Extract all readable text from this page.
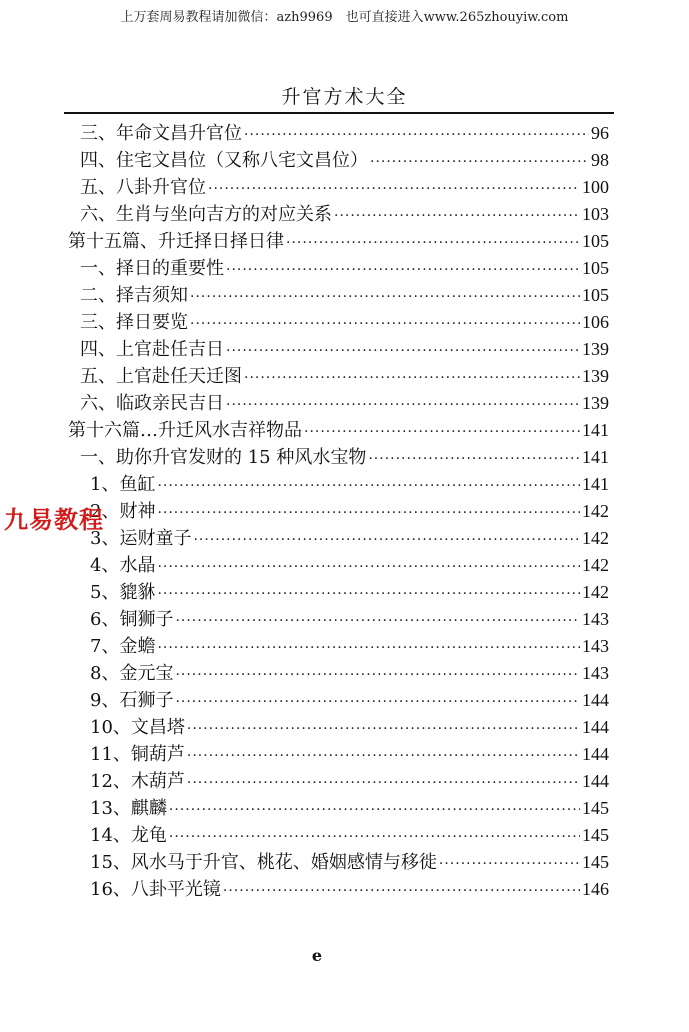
上万套周易教程请加微信：azh9969　也可直接进入www.265zhouyiw.com
升官方术大全
三、年命文昌升官位 ·····	96
四、住宅文昌位（又称八宅文昌位） ·····	98
五、八卦升官位 ·····	100
六、生肖与坐向吉方的对应关系 ·····	103
第十五篇、升迁择日择日律 ·····	105
一、择日的重要性 ·····	105
二、择吉须知 ·····	105
三、择日要览 ·····	106
四、上官赴任吉日 ·····	139
五、上官赴任天迁图 ·····	139
六、临政亲民吉日 ·····	139
第十六篇…升迁风水吉祥物品 ·····	141
一、助你升官发财的 15 种风水宝物 ·····	141
1、鱼缸 ·····	141
2、财神 ·····	142
3、运财童子 ·····	142
4、水晶 ·····	142
5、貔貅 ·····	142
6、铜狮子 ·····	143
7、金蟾 ·····	143
8、金元宝 ·····	143
9、石狮子 ·····	144
10、文昌塔 ·····	144
11、铜葫芦 ·····	144
12、木葫芦 ·····	144
13、麒麟 ·····	145
14、龙龟 ·····	145
15、风水马于升官、桃花、婚姻感情与移徙 ·····	145
16、八卦平光镜 ·····	146
九易教程
e
